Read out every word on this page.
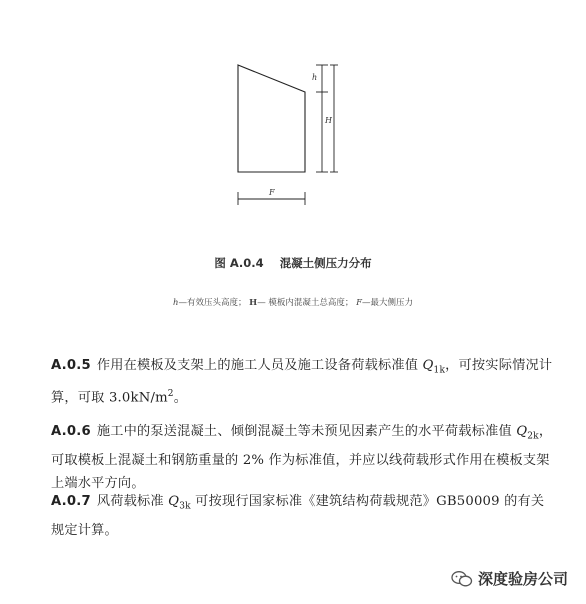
h
H
F
图 A.0.4 混凝土侧压力分布
h—有效压头高度； H— 模板内混凝土总高度； F—最大侧压力
A.0.5 作用在模板及支架上的施工人员及施工设备荷载标准值 $Q_{1k}$，可按实际情况计算，可取 $3.0kN/m^2$。
A.0.6 施工中的泵送混凝土、倾倒混凝土等未预见因素产生的水平荷载标准值 $Q_{2k}$，可取模板上混凝土和钢筋重量的 2% 作为标准值，并应以线荷载形式作用在模板支架上端水平方向。
A.0.7 风荷载标准 $Q_{3k}$ 可按现行国家标准《建筑结构荷载规范》GB50009 的有关规定计算。
深度验房公司
